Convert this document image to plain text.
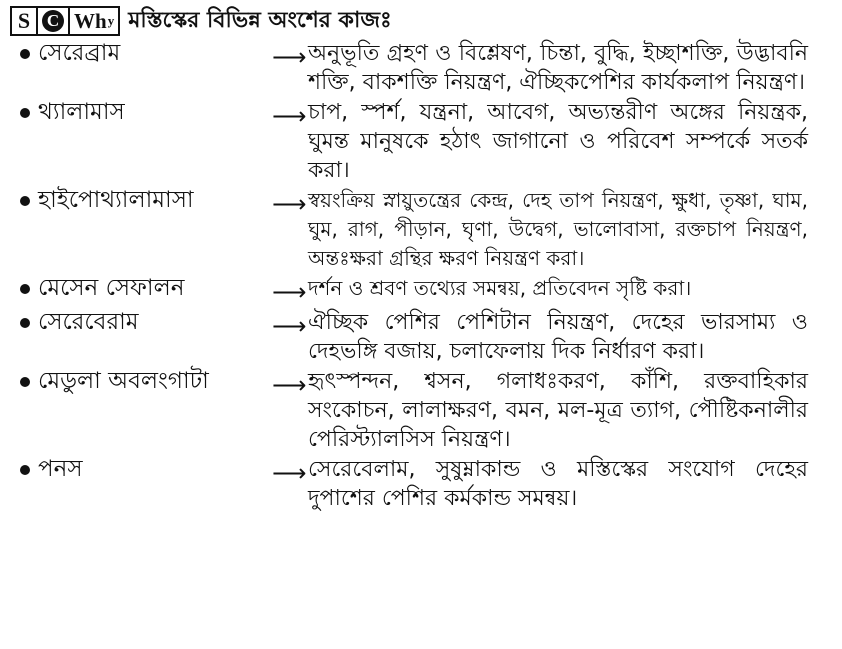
S C Wh y মস্তিস্কের বিভিন্ন অংশের কাজঃ
সেরেব্রাম	⟶ অনুভূতি গ্রহণ ও বিশ্লেষণ, চিন্তা, বুদ্ধি, ইচ্ছাশক্তি, উদ্ভাবনি শক্তি, বাকশক্তি নিয়ন্ত্রণ, ঐচ্ছিকপেশির কার্যকলাপ নিয়ন্ত্রণ।
থ্যালামাস	⟶ চাপ, স্পর্শ, যন্ত্রনা, আবেগ, অভ্যন্তরীণ অঙ্গের নিয়ন্ত্রক, ঘুমন্ত মানুষকে হঠাৎ জাগানো ও পরিবেশ সম্পর্কে সতর্ক করা।
হাইপোথ্যালামাসা	⟶ স্বয়ংক্রিয় স্নায়ুতন্ত্রের কেন্দ্র, দেহ তাপ নিয়ন্ত্রণ, ক্ষুধা, তৃষ্ণা, ঘাম, ঘুম, রাগ, পীড়ান, ঘৃণা, উদ্বেগ, ভালোবাসা, রক্তচাপ নিয়ন্ত্রণ, অন্তঃক্ষরা গ্রন্থির ক্ষরণ নিয়ন্ত্রণ করা।
মেসেন সেফালন	⟶ দর্শন ও শ্রবণ তথ্যের সমন্বয়, প্রতিবেদন সৃষ্টি করা।
সেরেবেরাম	⟶ ঐচ্ছিক পেশির পেশিটান নিয়ন্ত্রণ, দেহের ভারসাম্য ও দেহভঙ্গি বজায়, চলাফেলায় দিক নির্ধারণ করা।
মেডুলা অবলংগাটা	⟶ হৃৎস্পন্দন, শ্বসন, গলাধঃকরণ, কাঁশি, রক্তবাহিকার সংকোচন, লালাক্ষরণ, বমন, মল-মূত্র ত্যাগ, পৌষ্টিকনালীর পেরিস্ট্যালসিস নিয়ন্ত্রণ।
পনস	⟶ সেরেবেলাম, সুষুম্নাকান্ড ও মস্তিস্কের সংযোগ দেহের দুপাশের পেশির কর্মকান্ড সমন্বয়।
